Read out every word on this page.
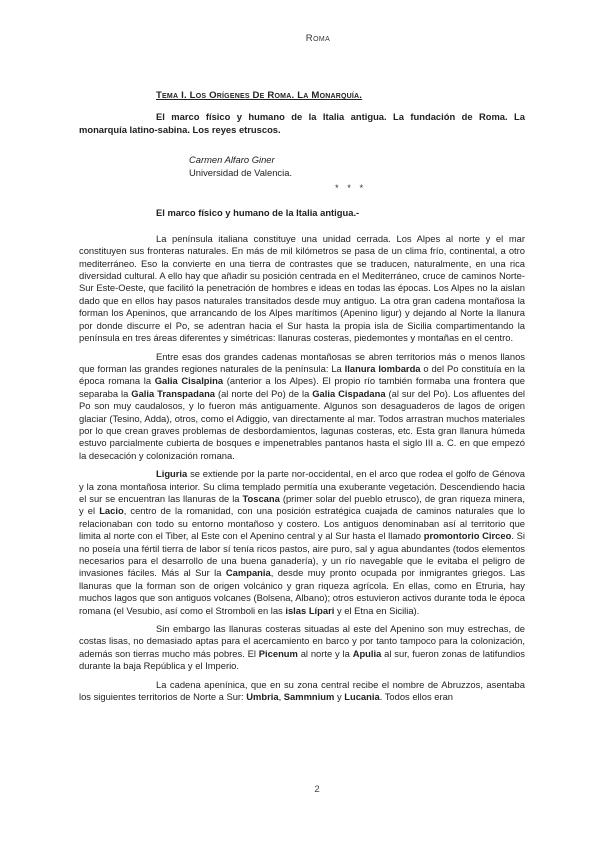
Roma
Tema I. Los Orígenes De Roma. La Monarquía.

El marco físico y humano de la Italia antigua. La fundación de Roma. La monarquía latino-sabina. Los reyes etruscos.

Carmen Alfaro Giner
Universidad de Valencia.
* * *

El marco físico y humano de la Italia antigua.-

La península italiana constituye una unidad cerrada. Los Alpes al norte y el mar constituyen sus fronteras naturales. En más de mil kilómetros se pasa de un clima frío, continental, a otro mediterráneo. Eso la convierte en una tierra de contrastes que se traducen, naturalmente, en una rica diversidad cultural. A ello hay que añadir su posición centrada en el Mediterráneo, cruce de caminos Norte-Sur Este-Oeste, que facilitó la penetración de hombres e ideas en todas las épocas. Los Alpes no la aislan dado que en ellos hay pasos naturales transitados desde muy antiguo. La otra gran cadena montañosa la forman los Apeninos, que arrancando de los Alpes marítimos (Apenino ligur) y dejando al Norte la llanura por donde discurre el Po, se adentran hacia el Sur hasta la propia isla de Sicilia compartimentando la península en tres áreas diferentes y simétricas: llanuras costeras, piedemontes y montañas en el centro.

Entre esas dos grandes cadenas montañosas se abren territorios más o menos llanos que forman las grandes regiones naturales de la península: La llanura lombarda o del Po constituía en la época romana la Galia Cisalpina (anterior a los Alpes). El propio río también formaba una frontera que separaba la Galia Transpadana (al norte del Po) de la Galia Cispadana (al sur del Po). Los afluentes del Po son muy caudalosos, y lo fueron más antiguamente. Algunos son desaguaderos de lagos de origen glaciar (Tesino, Adda), otros, como el Adiggio, van directamente al mar. Todos arrastran muchos materiales por lo que crean graves problemas de desbordamientos, lagunas costeras, etc. Esta gran llanura húmeda estuvo parcialmente cubierta de bosques e impenetrables pantanos hasta el siglo III a. C. en que empezó la desecación y colonización romana.

Liguria se extiende por la parte nor-occidental, en el arco que rodea el golfo de Génova y la zona montañosa interior. Su clima templado permitía una exuberante vegetación. Descendiendo hacia el sur se encuentran las llanuras de la Toscana (primer solar del pueblo etrusco), de gran riqueza minera, y el Lacio, centro de la romanidad, con una posición estratégica cuajada de caminos naturales que lo relacionaban con todo su entorno montañoso y costero. Los antiguos denominaban así al territorio que limita al norte con el Tiber, al Este con el Apenino central y al Sur hasta el llamado promontorio Circeo. Si no poseía una fértil tierra de labor sí tenía ricos pastos, aire puro, sal y agua abundantes (todos elementos necesarios para el desarrollo de una buena ganadería), y un río navegable que le evitaba el peligro de invasiones fáciles. Más al Sur la Campania, desde muy pronto ocupada por inmigrantes griegos. Las llanuras que la forman son de origen volcánico y gran riqueza agrícola. En ellas, como en Etruria, hay muchos lagos que son antiguos volcanes (Bolsena, Albano); otros estuvieron activos durante toda le época romana (el Vesubio, así como el Stromboli en las islas Lípari y el Etna en Sicilia).

Sin embargo las llanuras costeras situadas al este del Apenino son muy estrechas, de costas lisas, no demasiado aptas para el acercamiento en barco y por tanto tampoco para la colonización, además son tierras mucho más pobres. El Picenum al norte y la Apulia al sur, fueron zonas de latifundios durante la baja República y el Imperio.

La cadena apenínica, que en su zona central recibe el nombre de Abruzzos, asentaba los siguientes territorios de Norte a Sur: Umbria, Sammnium y Lucania. Todos ellos eran

2
